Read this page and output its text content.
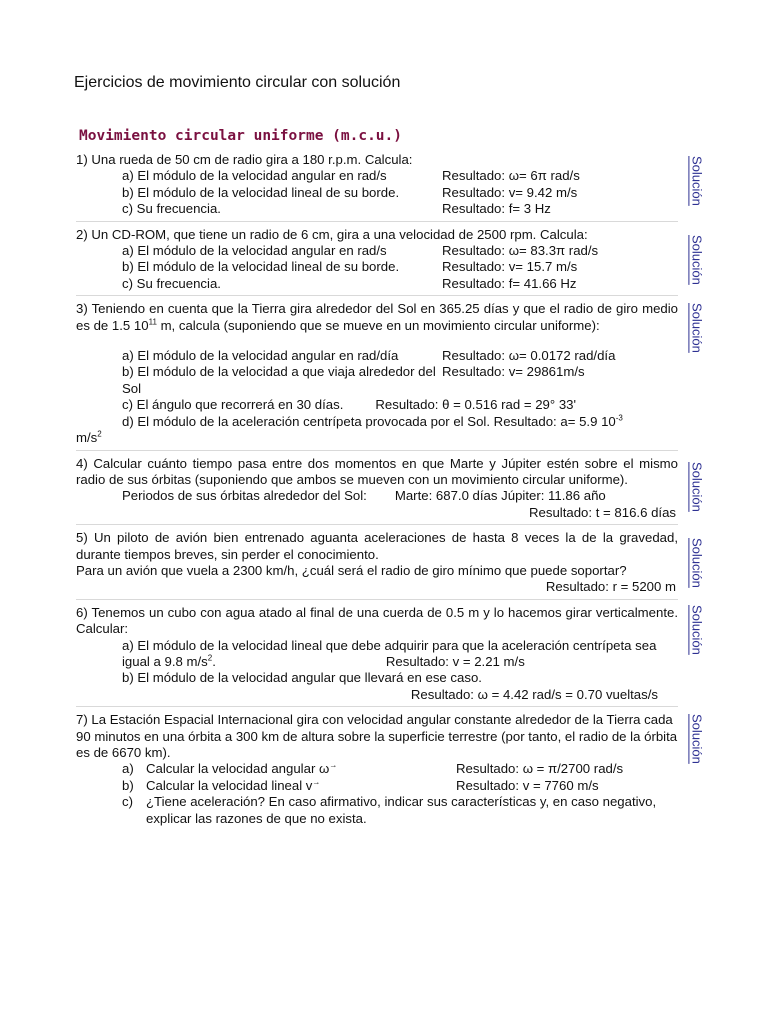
Ejercicios de movimiento circular con solución
Movimiento circular uniforme (m.c.u.)
1) Una rueda de 50 cm de radio gira a 180 r.p.m. Calcula:
a) El módulo de la velocidad angular en rad/s	Resultado: ω= 6π rad/s
b) El módulo de la velocidad lineal de su borde.	Resultado: v= 9.42 m/s
c) Su frecuencia.	Resultado: f= 3 Hz
Solución
2) Un CD-ROM, que tiene un radio de 6 cm, gira a una velocidad de 2500 rpm. Calcula:
a) El módulo de la velocidad angular en rad/s	Resultado: ω= 83.3π rad/s
b) El módulo de la velocidad lineal de su borde.	Resultado: v= 15.7 m/s
c) Su frecuencia.	Resultado: f= 41.66 Hz	Solución
3) Teniendo en cuenta que la Tierra gira alrededor del Sol en 365.25 días y que el radio de giro medio es de 1.5 $10^{11}$ m, calcula (suponiendo que se mueve en un movimiento circular uniforme):
a) El módulo de la velocidad angular en rad/día	Resultado: ω= 0.0172 rad/día
b) El módulo de la velocidad a que viaja alrededor del Sol
Resultado: v= 29861m/s
c) El ángulo que recorrerá en 30 días. Resultado: θ = 0.516 rad = 29° 33'
d) El módulo de la aceleración centrípeta provocada por el Sol. Resultado: a= 5.9 $10^{-3}$
$m/s^2$
Solución
4) Calcular cuánto tiempo pasa entre dos momentos en que Marte y Júpiter estén sobre el mismo radio de sus órbitas (suponiendo que ambos se mueven con un movimiento circular uniforme).
Periodos de sus órbitas alrededor del Sol: Marte: 687.0 días Júpiter: 11.86 año
Resultado: t = 816.6 días
Solución
5) Un piloto de avión bien entrenado aguanta aceleraciones de hasta 8 veces la de la gravedad, durante tiempos breves, sin perder el conocimiento.
Para un avión que vuela a 2300 km/h, ¿cuál será el radio de giro mínimo que puede soportar?
Resultado: r = 5200 m Solución
6) Tenemos un cubo con agua atado al final de una cuerda de 0.5 m y lo hacemos girar verticalmente. Calcular:
a) El módulo de la velocidad lineal que debe adquirir para que la aceleración centrípeta sea igual a 9.8 $m/s^2$.	Resultado: v = 2.21 m/s
b) El módulo de la velocidad angular que llevará en ese caso.
Resultado: ω = 4.42 rad/s = 0.70 vueltas/s
Solución
7) La Estación Espacial Internacional gira con velocidad angular constante alrededor de la Tierra cada 90 minutos en una órbita a 300 km de altura sobre la superficie terrestre (por tanto, el radio de la órbita es de 6670 km).
a) Calcular la velocidad angular ω→	Resultado: ω = π/2700 rad/s
b) Calcular la velocidad lineal v→	Resultado: v = 7760 m/s
c) ¿Tiene aceleración? En caso afirmativo, indicar sus características y, en caso negativo, explicar las razones de que no exista.
Solución
